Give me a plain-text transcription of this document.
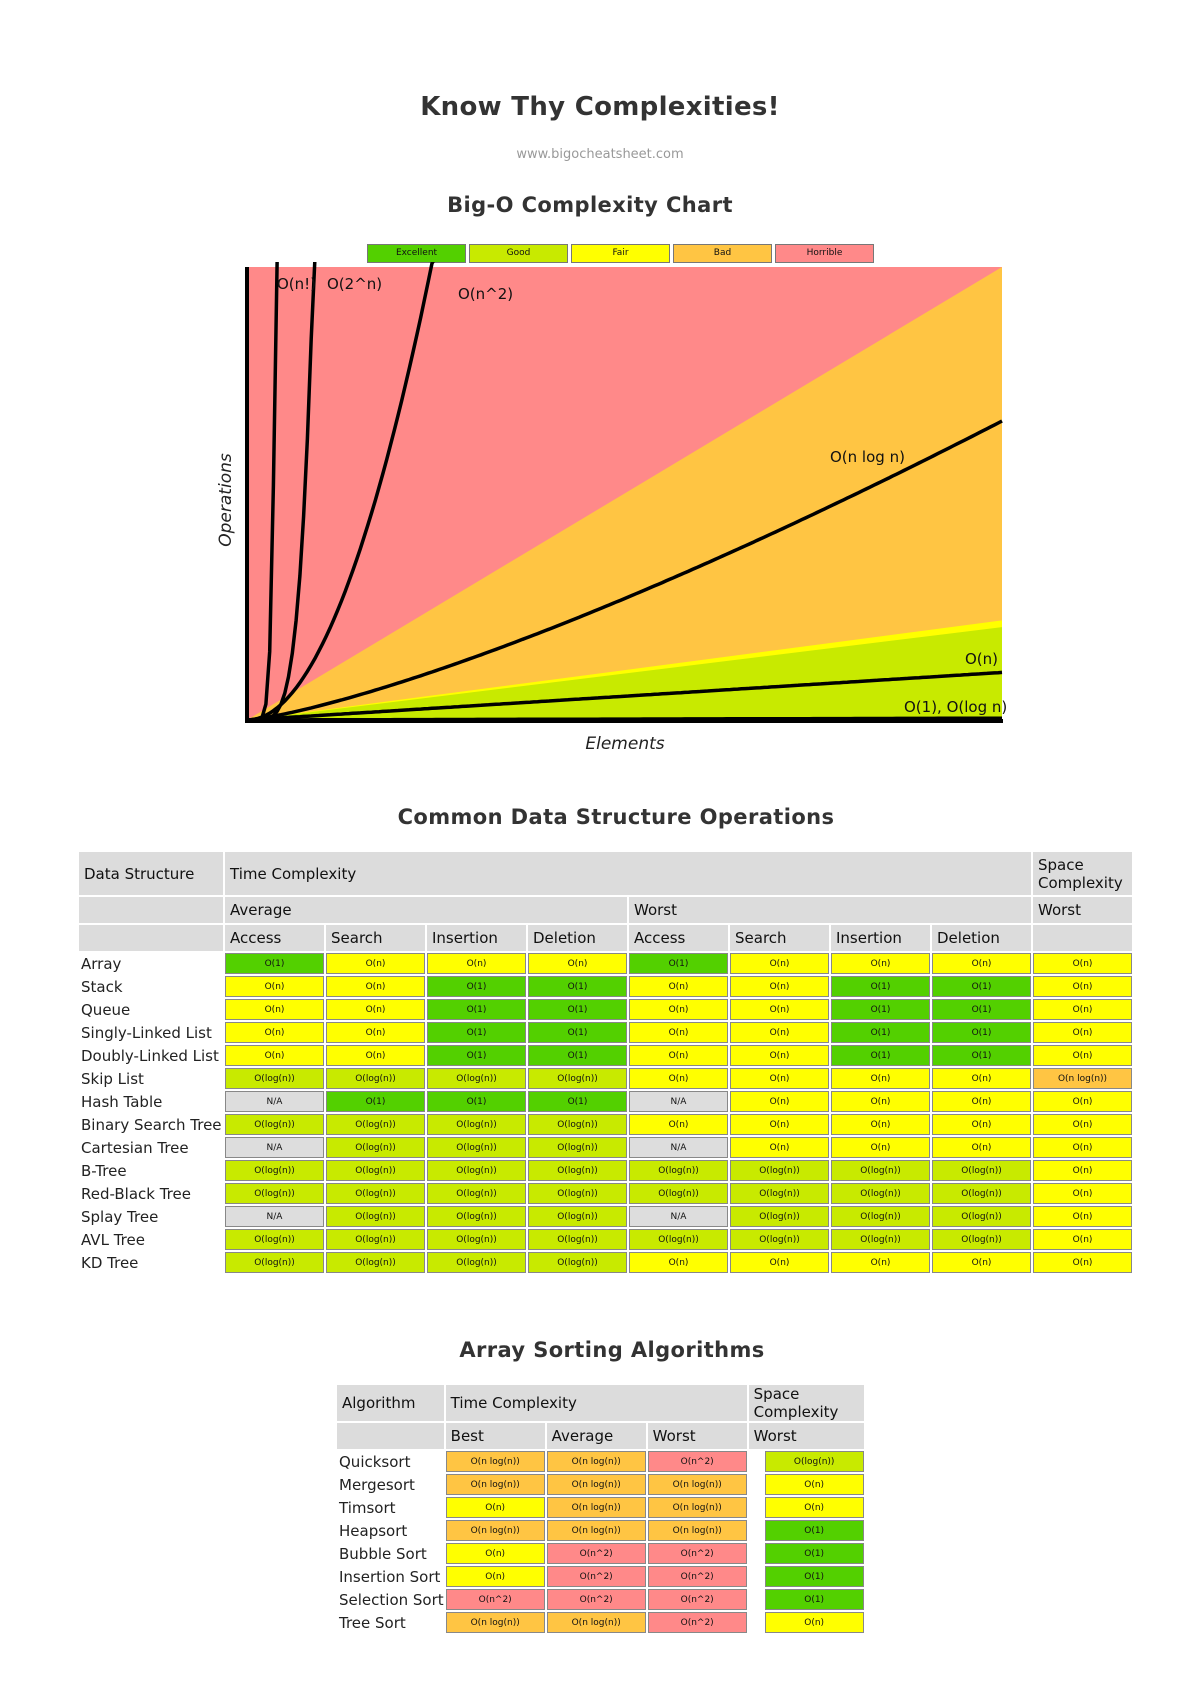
Know Thy Complexities!
www.bigocheatsheet.com
Big-O Complexity Chart
Excellent	Good	Fair	Bad	Horrible
O(n!) O(2^n)
O(n^2)
O(n log n)
O(n)
O(1), O(log n)
Elements
Operations
Common Data Structure Operations
Data Structure	Time Complexity								Space Complexity
	Average				Worst				Worst
	Access	Search	Insertion	Deletion	Access	Search	Insertion	Deletion	
Array	O(1)	O(n)	O(n)	O(n)	O(1)	O(n)	O(n)	O(n)	O(n)
Stack	O(n)	O(n)	O(1)	O(1)	O(n)	O(n)	O(1)	O(1)	O(n)
Queue	O(n)	O(n)	O(1)	O(1)	O(n)	O(n)	O(1)	O(1)	O(n)
Singly-Linked List	O(n)	O(n)	O(1)	O(1)	O(n)	O(n)	O(1)	O(1)	O(n)
Doubly-Linked List	O(n)	O(n)	O(1)	O(1)	O(n)	O(n)	O(1)	O(1)	O(n)
Skip List	O(log(n))	O(log(n))	O(log(n))	O(log(n))	O(n)	O(n)	O(n)	O(n)	O(n log(n))
Hash Table	N/A	O(1)	O(1)	O(1)	N/A	O(n)	O(n)	O(n)	O(n)
Binary Search Tree	O(log(n))	O(log(n))	O(log(n))	O(log(n))	O(n)	O(n)	O(n)	O(n)	O(n)
Cartesian Tree	N/A	O(log(n))	O(log(n))	O(log(n))	N/A	O(n)	O(n)	O(n)	O(n)
B-Tree	O(log(n))	O(log(n))	O(log(n))	O(log(n))	O(log(n))	O(log(n))	O(log(n))	O(log(n))	O(n)
Red-Black Tree	O(log(n))	O(log(n))	O(log(n))	O(log(n))	O(log(n))	O(log(n))	O(log(n))	O(log(n))	O(n)
Splay Tree	N/A	O(log(n))	O(log(n))	O(log(n))	N/A	O(log(n))	O(log(n))	O(log(n))	O(n)
AVL Tree	O(log(n))	O(log(n))	O(log(n))	O(log(n))	O(log(n))	O(log(n))	O(log(n))	O(log(n))	O(n)
KD Tree	O(log(n))	O(log(n))	O(log(n))	O(log(n))	O(n)	O(n)	O(n)	O(n)	O(n)
Array Sorting Algorithms
Algorithm	Time Complexity			Space Complexity	
	Best	Average	Worst	Worst	
Quicksort	O(n log(n))	O(n log(n))	O(n^2)		O(log(n))
Mergesort	O(n log(n))	O(n log(n))	O(n log(n))		O(n)
Timsort	O(n)	O(n log(n))	O(n log(n))		O(n)
Heapsort	O(n log(n))	O(n log(n))	O(n log(n))		O(1)
Bubble Sort	O(n)	O(n^2)	O(n^2)		O(1)
Insertion Sort	O(n)	O(n^2)	O(n^2)		O(1)
Selection Sort	O(n^2)	O(n^2)	O(n^2)		O(1)
Tree Sort	O(n log(n))	O(n log(n))	O(n^2)		O(n)
